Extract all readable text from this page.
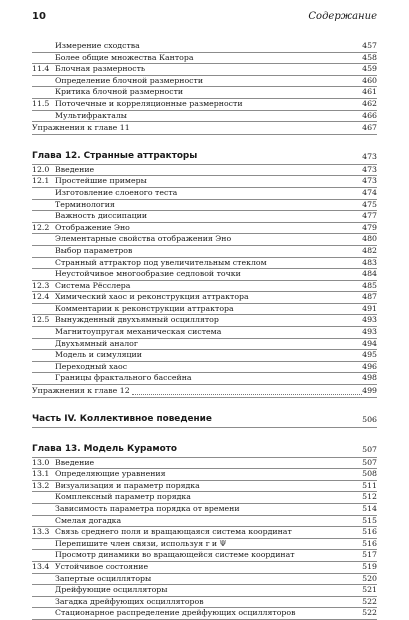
10	Содержание
Измерение сходства	457
Более общие множества Кантора	458
11.4 Блочная размерность	459
Определение блочной размерности	460
Критика блочной размерности	461
11.5 Поточечные и корреляционные размерности	462
Мультифракталы	466
Упражнения к главе 11	467
Глава 12. Странные аттракторы	473
12.0 Введение	473
12.1 Простейшие примеры	473
Изготовление слоеного теста	474
Терминология	475
Важность диссипации	477
12.2 Отображение Эно	479
Элементарные свойства отображения Эно	480
Выбор параметров	482
Странный аттрактор под увеличительным стеклом	483
Неустойчивое многообразие седловой точки	484
12.3 Система Рёсслера	485
12.4 Химический хаос и реконструкция аттрактора	487
Комментарии к реконструкции аттрактора	491
12.5 Вынужденный двухъямный осциллятор	493
Магнитоупругая механическая система	493
Двухъямный аналог	494
Модель и симуляции	495
Переходный хаос	496
Границы фрактального бассейна	498
Упражнения к главе 12	499
Часть IV. Коллективное поведение	506
Глава 13. Модель Курамото	507
13.0 Введение	507
13.1 Определяющие уравнения	508
13.2 Визуализация и параметр порядка	511
Комплексный параметр порядка	512
Зависимость параметра порядка от времени	514
Смелая догадка	515
13.3 Связь среднего поля и вращающаяся система координат	516
Перепишите член связи, используя r и Ψ	516
Просмотр динамики во вращающейся системе координат	517
13.4 Устойчивое состояние	519
Запертые осцилляторы	520
Дрейфующие осцилляторы	521
Загадка дрейфующих осцилляторов	522
Стационарное распределение дрейфующих осцилляторов	522
